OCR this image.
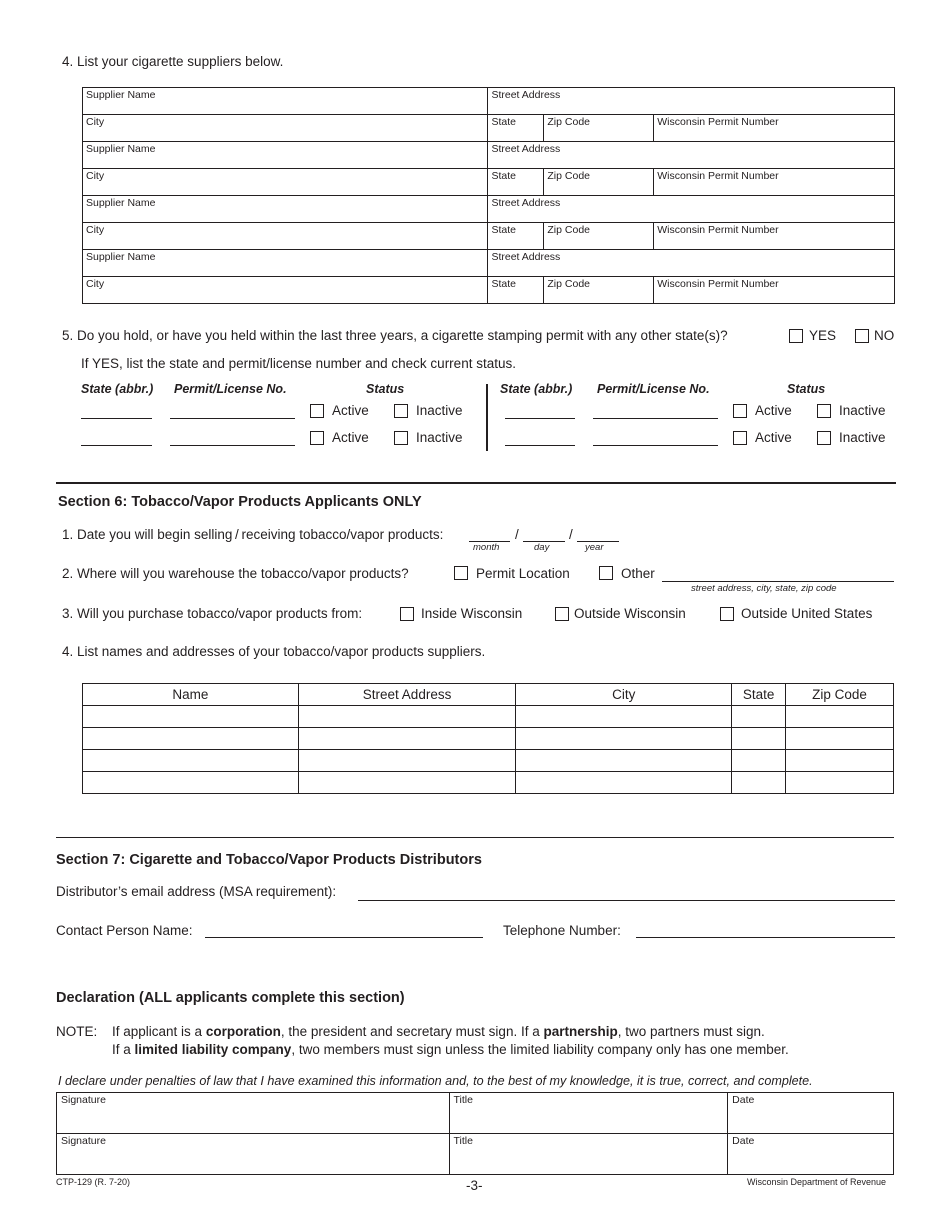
4. List your cigarette suppliers below.
Supplier Name	Street Address		
City	State	Zip Code	Wisconsin Permit Number
Supplier Name	Street Address		
City	State	Zip Code	Wisconsin Permit Number
Supplier Name	Street Address		
City	State	Zip Code	Wisconsin Permit Number
Supplier Name	Street Address		
City	State	Zip Code	Wisconsin Permit Number
5. Do you hold, or have you held within the last three years, a cigarette stamping permit with any other state(s)?	YES	NO
If YES, list the state and permit/license number and check current status.
State (abbr.) Permit/License No.	Status
Active	Inactive
Active	Inactive
State (abbr.) Permit/License No.	Status
Active	Inactive
Active	Inactive
Section 6: Tobacco/Vapor Products Applicants ONLY
1. Date you will begin selling / receiving tobacco/vapor products:	/	/
month	day	year
2. Where will you warehouse the tobacco/vapor products?	Permit Location	Other
street address, city, state, zip code
3. Will you purchase tobacco/vapor products from:	Inside Wisconsin	Outside Wisconsin	Outside United States
4. List names and addresses of your tobacco/vapor products suppliers.
Name	Street Address	City	State	Zip Code

Section 7: Cigarette and Tobacco/Vapor Products Distributors
Distributor’s email address (MSA requirement):
Contact Person Name:	Telephone Number:
Declaration (ALL applicants complete this section)
NOTE: If applicant is a corporation, the president and secretary must sign. If a partnership, two partners must sign.
If a limited liability company, two members must sign unless the limited liability company only has one member.
I declare under penalties of law that I have examined this information and, to the best of my knowledge, it is true, correct, and complete.
Signature	Title	Date
Signature	Title	Date
CTP-129 (R. 7-20)	-3-	Wisconsin Department of Revenue
